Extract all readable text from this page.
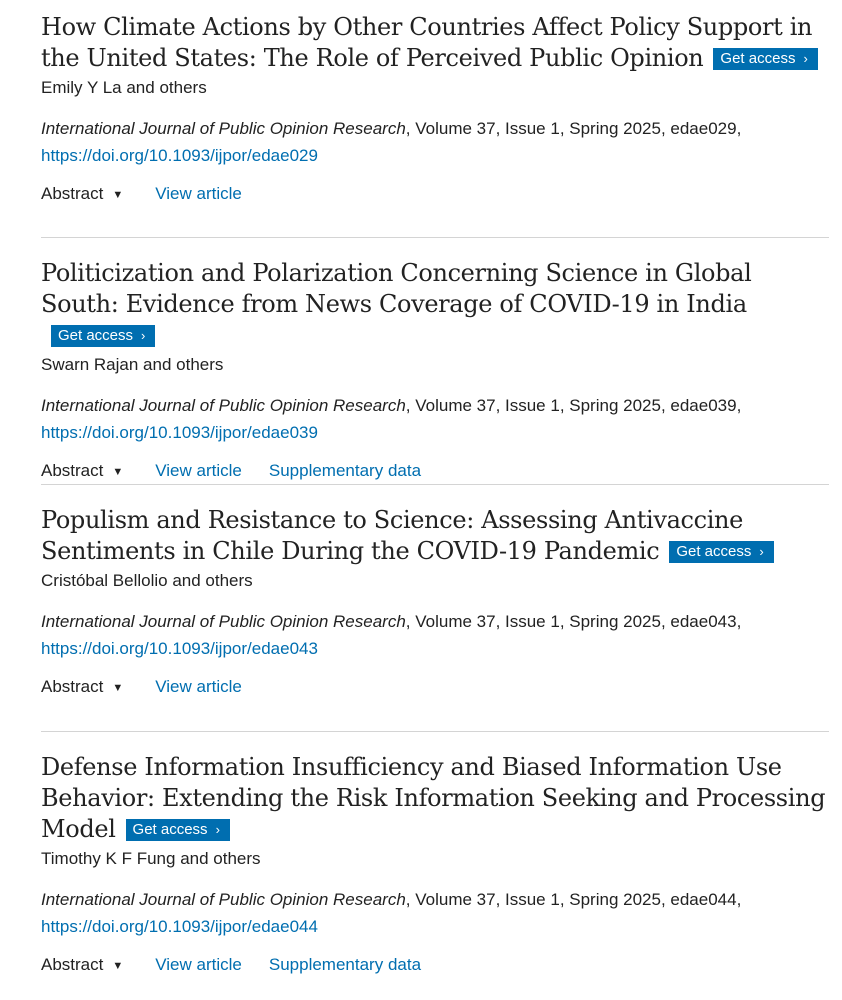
How Climate Actions by Other Countries Affect Policy Support in the United States: The Role of Perceived Public Opinion Get access ›
Emily Y La and others
International Journal of Public Opinion Research, Volume 37, Issue 1, Spring 2025, edae029,
https://doi.org/10.1093/ijpor/edae029
Abstract ▼ View article
Politicization and Polarization Concerning Science in Global South: Evidence from News Coverage of COVID-19 in IndiaGet access ›
Swarn Rajan and others
International Journal of Public Opinion Research, Volume 37, Issue 1, Spring 2025, edae039,
https://doi.org/10.1093/ijpor/edae039
Abstract ▼ View article Supplementary data
Populism and Resistance to Science: Assessing Antivaccine Sentiments in Chile During the COVID-19 Pandemic Get access ›
Cristóbal Bellolio and others
International Journal of Public Opinion Research, Volume 37, Issue 1, Spring 2025, edae043,
https://doi.org/10.1093/ijpor/edae043
Abstract ▼ View article
Defense Information Insufficiency and Biased Information Use Behavior: Extending the Risk Information Seeking and Processing Model Get access ›
Timothy K F Fung and others
International Journal of Public Opinion Research, Volume 37, Issue 1, Spring 2025, edae044,
https://doi.org/10.1093/ijpor/edae044
Abstract ▼ View article Supplementary data
